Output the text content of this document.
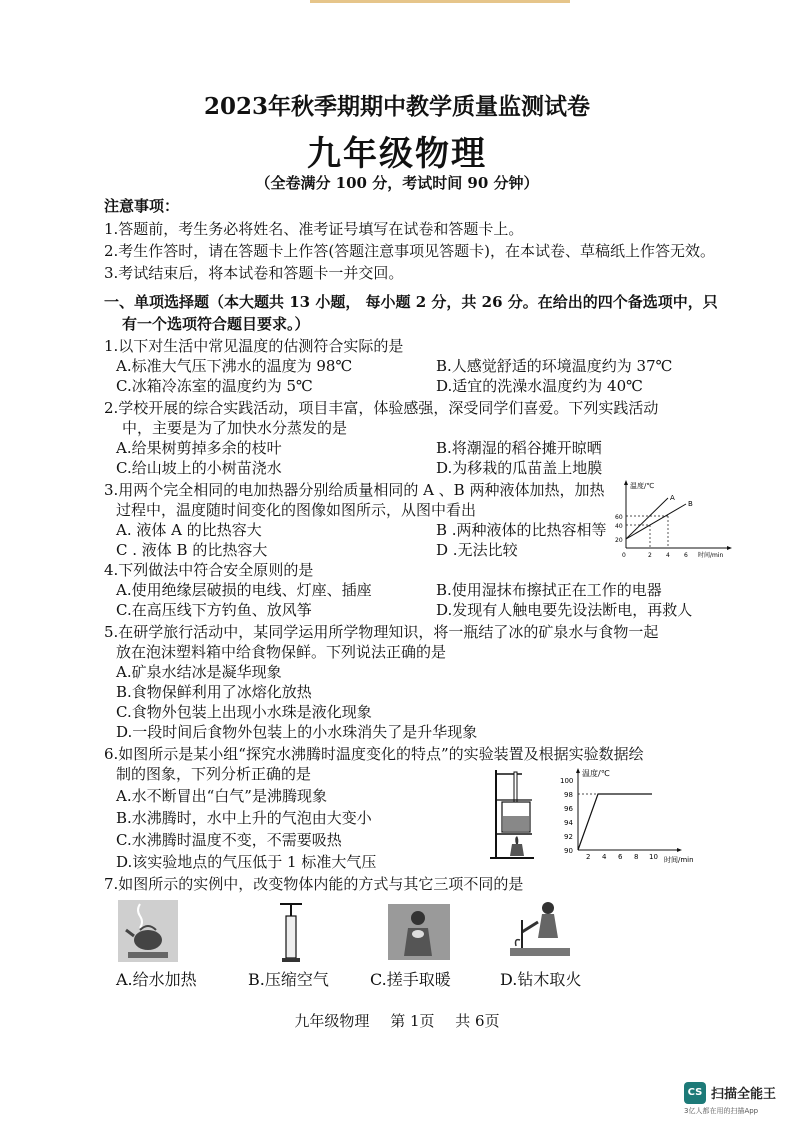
2023年秋季期期中教学质量监测试卷
九年级物理
（全卷满分 100 分，考试时间 90 分钟）
注意事项：
1.答题前，考生务必将姓名、准考证号填写在试卷和答题卡上。
2.考生作答时，请在答题卡上作答(答题注意事项见答题卡)，在本试卷、草稿纸上作答无效。
3.考试结束后，将本试卷和答题卡一并交回。
一、单项选择题（本大题共 13 小题， 每小题 2 分，共 26 分。在给出的四个备选项中，只
有一个选项符合题目要求。）
1.以下对生活中常见温度的估测符合实际的是
A.标准大气压下沸水的温度为 98℃	B.人感觉舒适的环境温度约为 37℃
C.冰箱冷冻室的温度约为 5℃	D.适宜的洗澡水温度约为 40℃
2.学校开展的综合实践活动，项目丰富，体验感强，深受同学们喜爱。下列实践活动
中，主要是为了加快水分蒸发的是
A.给果树剪掉多余的枝叶	B.将潮湿的稻谷摊开晾晒
C.给山坡上的小树苗浇水	D.为移栽的瓜苗盖上地膜
3.用两个完全相同的电加热器分别给质量相同的 A 、B 两种液体加热，加热
过程中，温度随时间变化的图像如图所示，从图中看出
A. 液体 A 的比热容大	B .两种液体的比热容相等
C . 液体 B 的比热容大	D .无法比较
温度/℃
A
B
60
40
20
0	2 4 6 时间/min
4.下列做法中符合安全原则的是
A.使用绝缘层破损的电线、灯座、插座	B.使用湿抹布擦拭正在工作的电器
C.在高压线下方钓鱼、放风筝	D.发现有人触电要先设法断电，再救人
5.在研学旅行活动中，某同学运用所学物理知识，将一瓶结了冰的矿泉水与食物一起
放在泡沫塑料箱中给食物保鲜。下列说法正确的是
A.矿泉水结冰是凝华现象
B.食物保鲜利用了冰熔化放热
C.食物外包装上出现小水珠是液化现象
D.一段时间后食物外包装上的小水珠消失了是升华现象
6.如图所示是某小组“探究水沸腾时温度变化的特点”的实验装置及根据实验数据绘
制的图象，下列分析正确的是
A.水不断冒出“白气”是沸腾现象
B.水沸腾时，水中上升的气泡由大变小
C.水沸腾时温度不变，不需要吸热
D.该实验地点的气压低于 1 标准大气压
温度/℃
100
98
96
94
92
90
2 4 6 8 10 时间/min
7.如图所示的实例中，改变物体内能的方式与其它三项不同的是
A.给水加热	B.压缩空气	C.搓手取暖	D.钻木取火
九年级物理 第 1页 共 6页
CS 扫描全能王
3亿人都在用的扫描App
